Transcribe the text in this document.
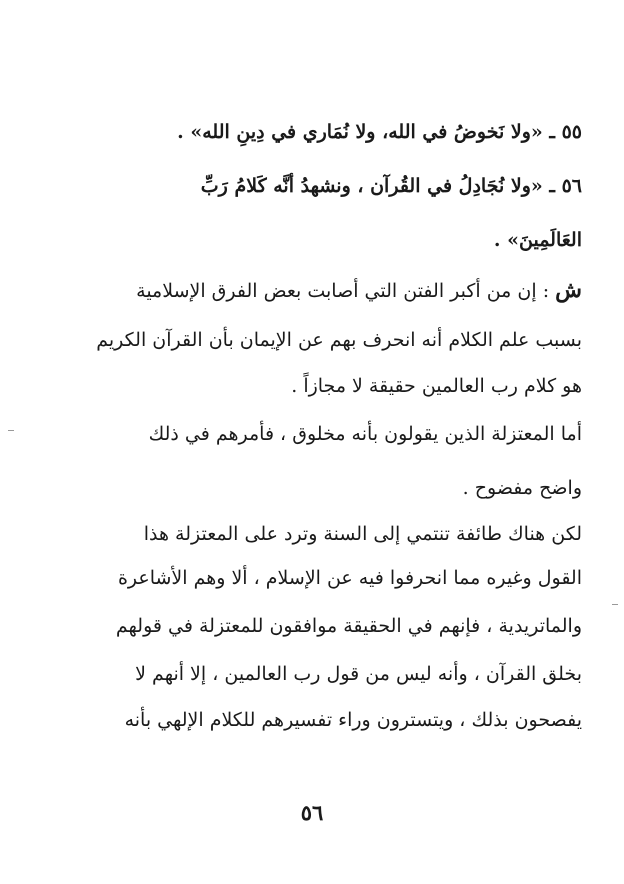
٥٥ ـ «ولا نَخوضُ في الله، ولا نُمَاري في دِينِ الله» .
٥٦ ـ «ولا نُجَادِلُ في القُرآن ، ونشهدُ أنَّه كَلامُ رَبِّ
العَالَمِينَ» .
ش : إن من أكبر الفتن التي أصابت بعض الفرق الإسلامية
بسبب علم الكلام أنه انحرف بهم عن الإيمان بأن القرآن الكريم
هو كلام رب العالمين حقيقة لا مجازاً .
أما المعتزلة الذين يقولون بأنه مخلوق ، فأمرهم في ذلك
واضح مفضوح .
لكن هناك طائفة تنتمي إلى السنة وترد على المعتزلة هذا
القول وغيره مما انحرفوا فيه عن الإسلام ، ألا وهم الأشاعرة
والماتريدية ، فإنهم في الحقيقة موافقون للمعتزلة في قولهم
بخلق القرآن ، وأنه ليس من قول رب العالمين ، إلا أنهم لا
يفصحون بذلك ، ويتسترون وراء تفسيرهم للكلام الإلهي بأنه
٥٦
